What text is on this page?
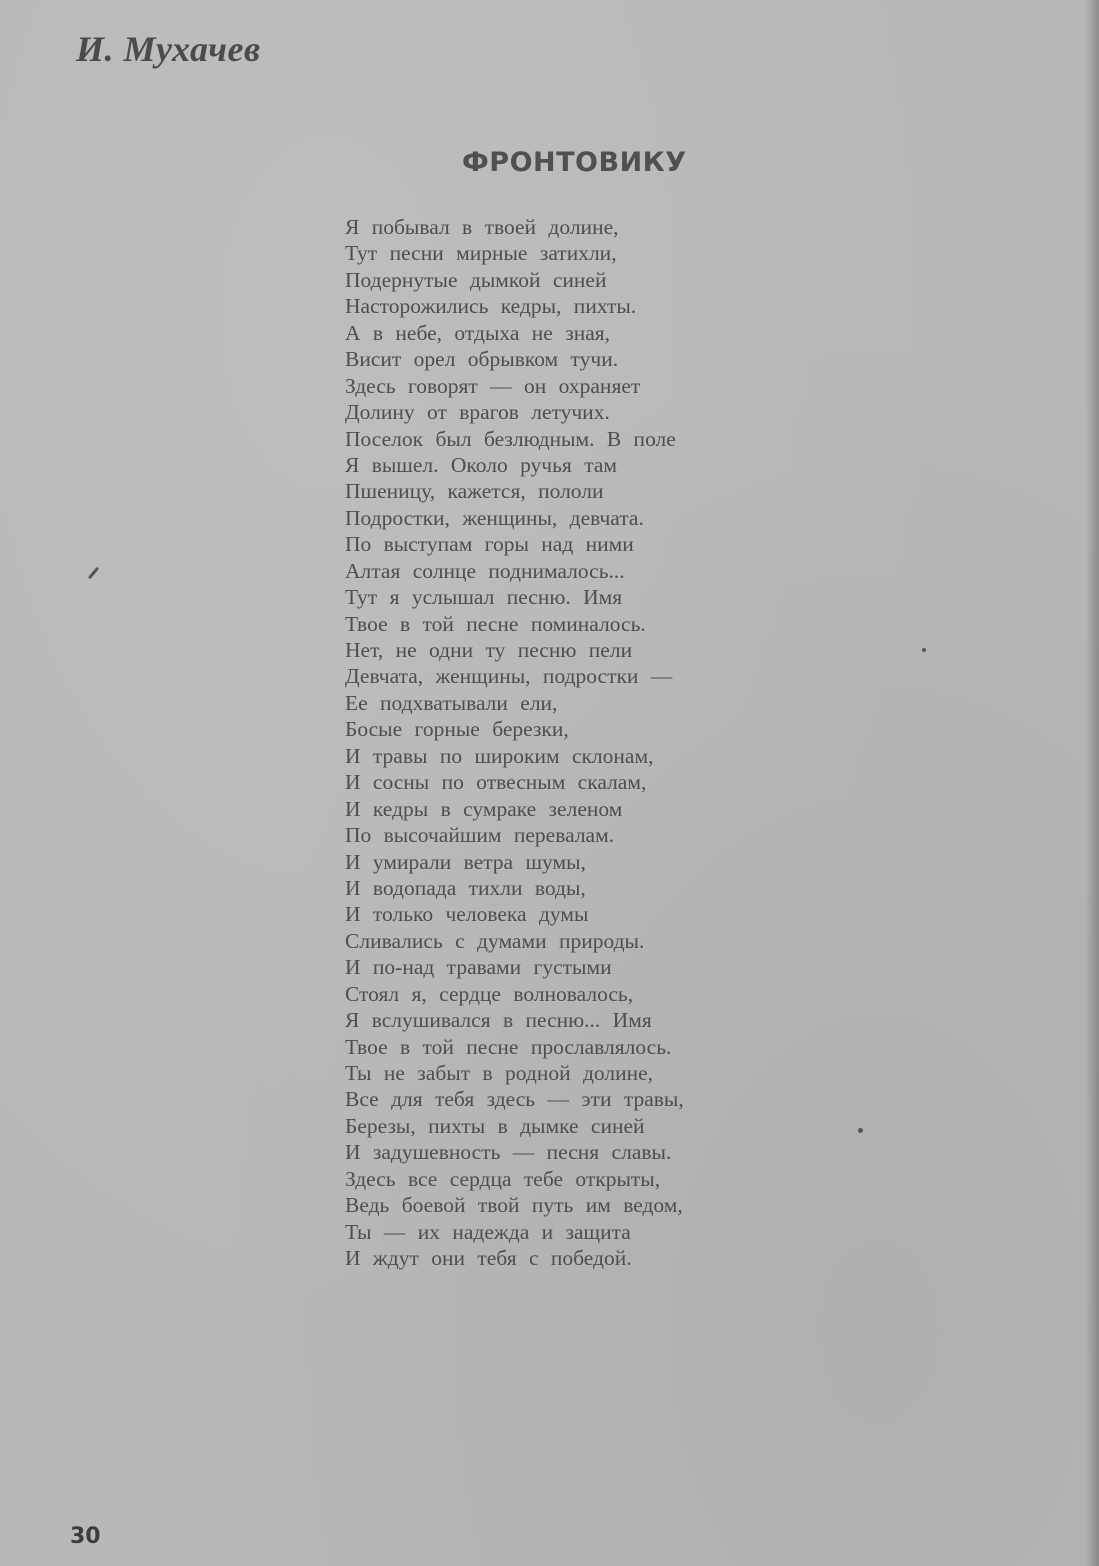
И. Мухачев
ФРОНТОВИКУ
Я побывал в твоей долине,
Тут песни мирные затихли,
Подернутые дымкой синей
Насторожились кедры, пихты.
А в небе, отдыха не зная,
Висит орел обрывком тучи.
Здесь говорят — он охраняет
Долину от врагов летучих.
Поселок был безлюдным. В поле
Я вышел. Около ручья там
Пшеницу, кажется, пололи
Подростки, женщины, девчата.
По выступам горы над ними
Алтая солнце поднималось...
Тут я услышал песню. Имя
Твое в той песне поминалось.
Нет, не одни ту песню пели
Девчата, женщины, подростки —
Ее подхватывали ели,
Босые горные березки,
И травы по широким склонам,
И сосны по отвесным скалам,
И кедры в сумраке зеленом
По высочайшим перевалам.
И умирали ветра шумы,
И водопада тихли воды,
И только человека думы
Сливались с думами природы.
И по-над травами густыми
Стоял я, сердце волновалось,
Я вслушивался в песню... Имя
Твое в той песне прославлялось.
Ты не забыт в родной долине,
Все для тебя здесь — эти травы,
Березы, пихты в дымке синей
И задушевность — песня славы.
Здесь все сердца тебе открыты,
Ведь боевой твой путь им ведом,
Ты — их надежда и защита
И ждут они тебя с победой.
30
